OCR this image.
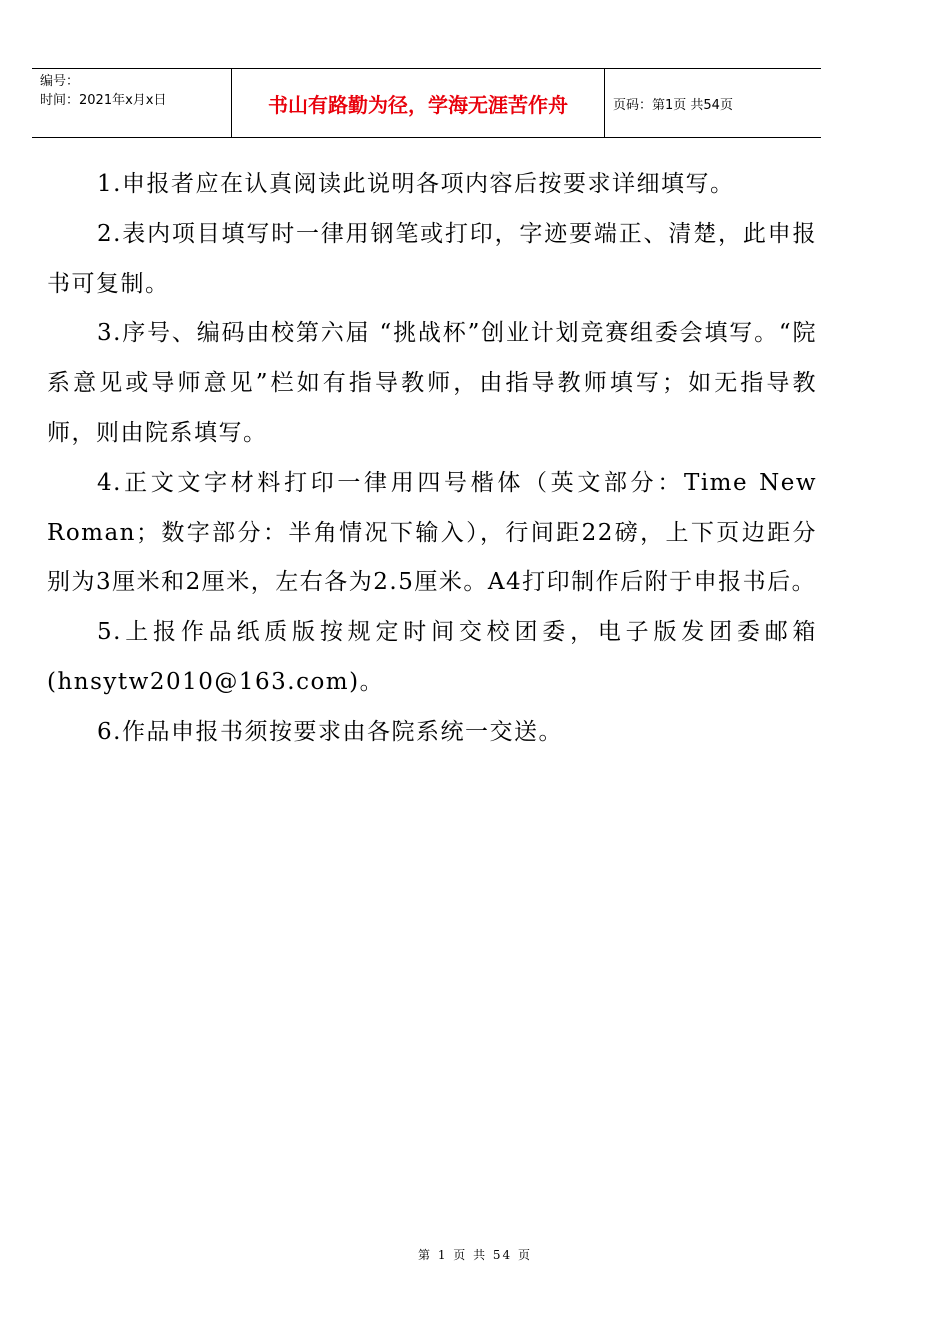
编号：
时间：2021年x月x日	书山有路勤为径，学海无涯苦作舟	页码：第1页 共54页

1.申报者应在认真阅读此说明各项内容后按要求详细填写。

2.表内项目填写时一律用钢笔或打印，字迹要端正、清楚，此申报书可复制。

3.序号、编码由校第六届 “挑战杯”创业计划竞赛组委会填写。“院系意见或导师意见”栏如有指导教师，由指导教师填写；如无指导教师，则由院系填写。

4.正文文字材料打印一律用四号楷体（英文部分：Time New Roman；数字部分：半角情况下输入），行间距22磅，上下页边距分别为3厘米和2厘米，左右各为2.5厘米。A4打印制作后附于申报书后。

5.上报作品纸质版按规定时间交校团委，电子版发团委邮箱(hnsytw2010@163.com)。

6.作品申报书须按要求由各院系统一交送。

第 1 页 共 54 页
